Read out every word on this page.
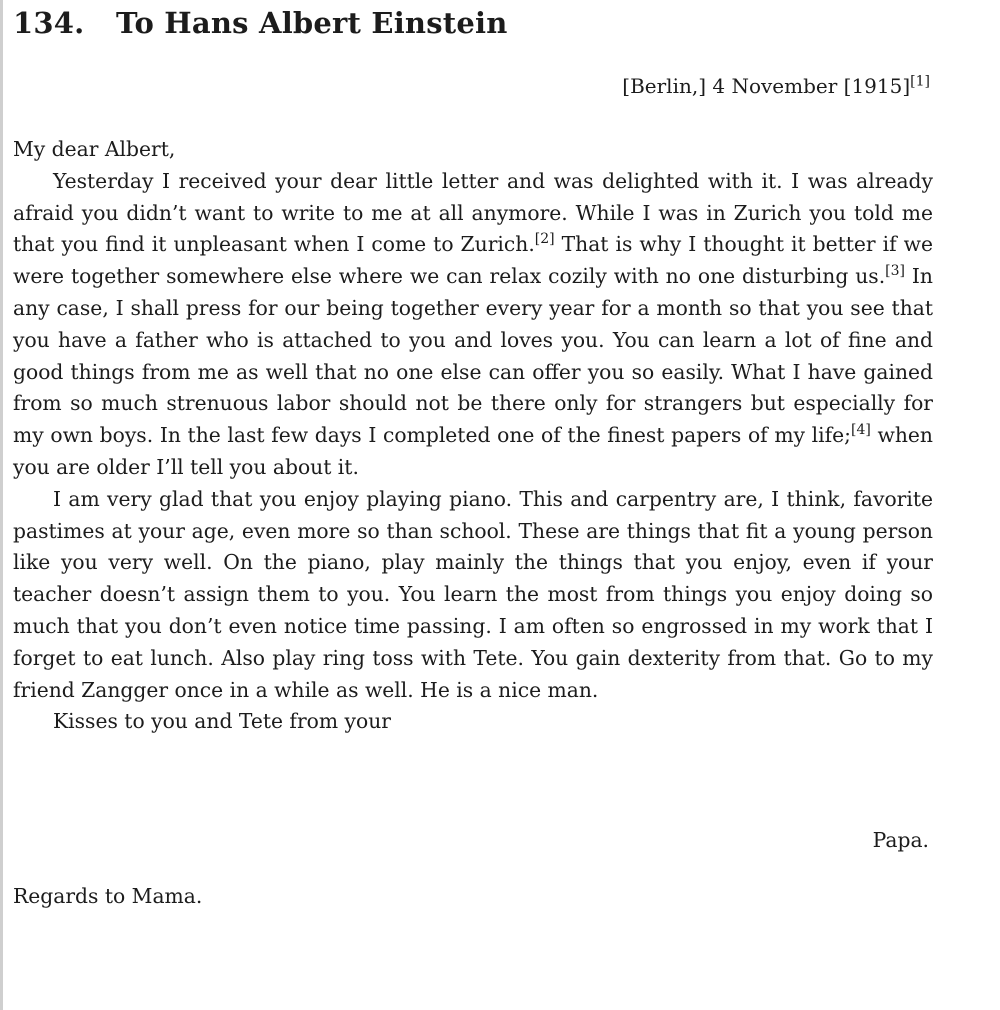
134. To Hans Albert Einstein
[Berlin,] 4 November [1915][1]

My dear Albert,

Yesterday I received your dear little letter and was delighted with it. I was already afraid you didn’t want to write to me at all anymore. While I was in Zurich you told me that you find it unpleasant when I come to Zurich.[2] That is why I thought it better if we were together somewhere else where we can relax cozily with no one disturbing us.[3] In any case, I shall press for our being together every year for a month so that you see that you have a father who is attached to you and loves you. You can learn a lot of fine and good things from me as well that no one else can offer you so easily. What I have gained from so much strenuous labor should not be there only for strangers but especially for my own boys. In the last few days I completed one of the finest papers of my life;[4] when you are older I’ll tell you about it.

I am very glad that you enjoy playing piano. This and carpentry are, I think, favorite pastimes at your age, even more so than school. These are things that fit a young person like you very well. On the piano, play mainly the things that you enjoy, even if your teacher doesn’t assign them to you. You learn the most from things you enjoy doing so much that you don’t even notice time passing. I am often so engrossed in my work that I forget to eat lunch. Also play ring toss with Tete. You gain dexterity from that. Go to my friend Zangger once in a while as well. He is a nice man.

Kisses to you and Tete from your

Papa.
Regards to Mama.
